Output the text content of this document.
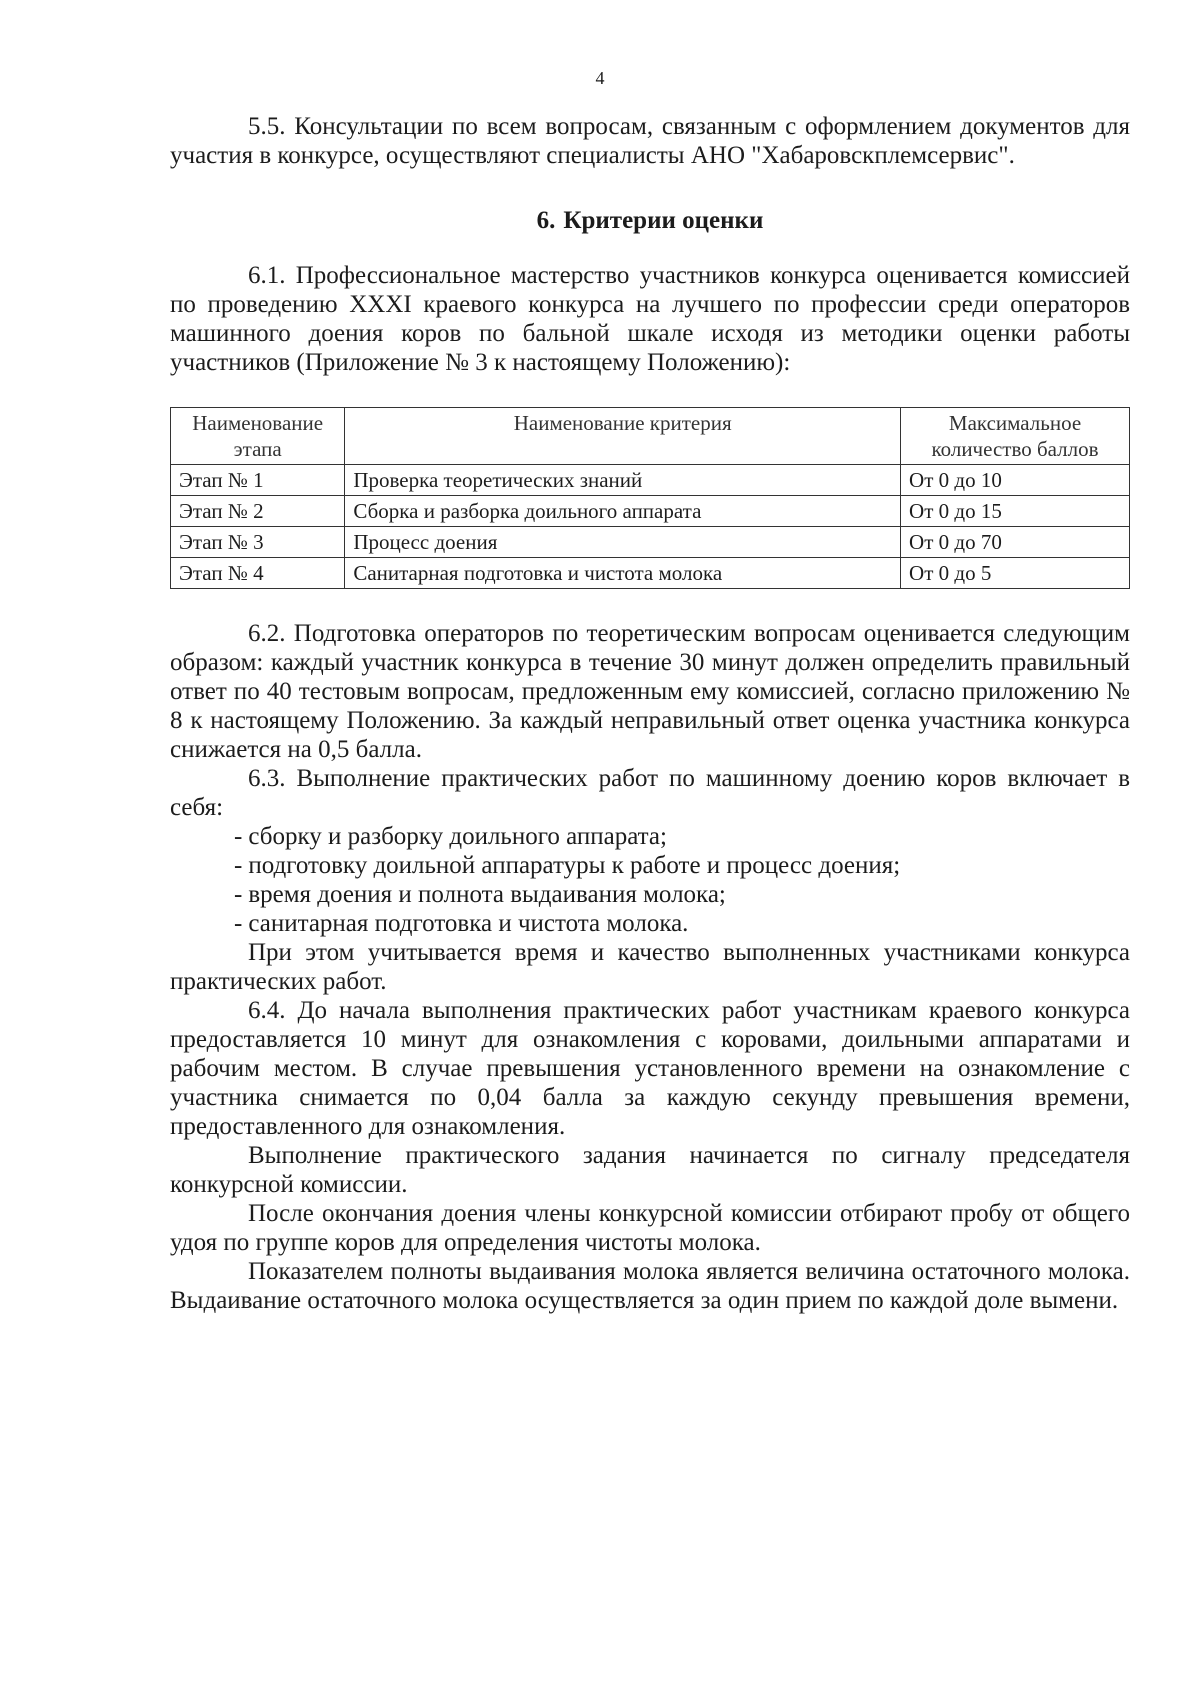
4

5.5. Консультации по всем вопросам, связанным с оформлением документов для участия в конкурсе, осуществляют специалисты АНО "Хабаровскплемсервис".

6. Критерии оценки

6.1. Профессиональное мастерство участников конкурса оценивается комиссией по проведению XXXI краевого конкурса на лучшего по профессии среди операторов машинного доения коров по бальной шкале исходя из методики оценки работы участников (Приложение № 3 к настоящему Положению):

Наименование этапа	Наименование критерия	Максимальное количество баллов
Этап № 1	Проверка теоретических знаний	От 0 до 10
Этап № 2	Сборка и разборка доильного аппарата	От 0 до 15
Этап № 3	Процесс доения	От 0 до 70
Этап № 4	Санитарная подготовка и чистота молока	От 0 до 5

6.2. Подготовка операторов по теоретическим вопросам оценивается следующим образом: каждый участник конкурса в течение 30 минут должен определить правильный ответ по 40 тестовым вопросам, предложенным ему комиссией, согласно приложению № 8 к настоящему Положению. За каждый неправильный ответ оценка участника конкурса снижается на 0,5 балла.

6.3. Выполнение практических работ по машинному доению коров включает в себя:

- сборку и разборку доильного аппарата;
- подготовку доильной аппаратуры к работе и процесс доения;
- время доения и полнота выдаивания молока;
- санитарная подготовка и чистота молока.

При этом учитывается время и качество выполненных участниками конкурса практических работ.

6.4. До начала выполнения практических работ участникам краевого конкурса предоставляется 10 минут для ознакомления с коровами, доильными аппаратами и рабочим местом. В случае превышения установленного времени на ознакомление с участника снимается по 0,04 балла за каждую секунду превышения времени, предоставленного для ознакомления.

Выполнение практического задания начинается по сигналу председателя конкурсной комиссии.

После окончания доения члены конкурсной комиссии отбирают пробу от общего удоя по группе коров для определения чистоты молока.

Показателем полноты выдаивания молока является величина остаточного молока. Выдаивание остаточного молока осуществляется за один прием по каждой доле вымени.
